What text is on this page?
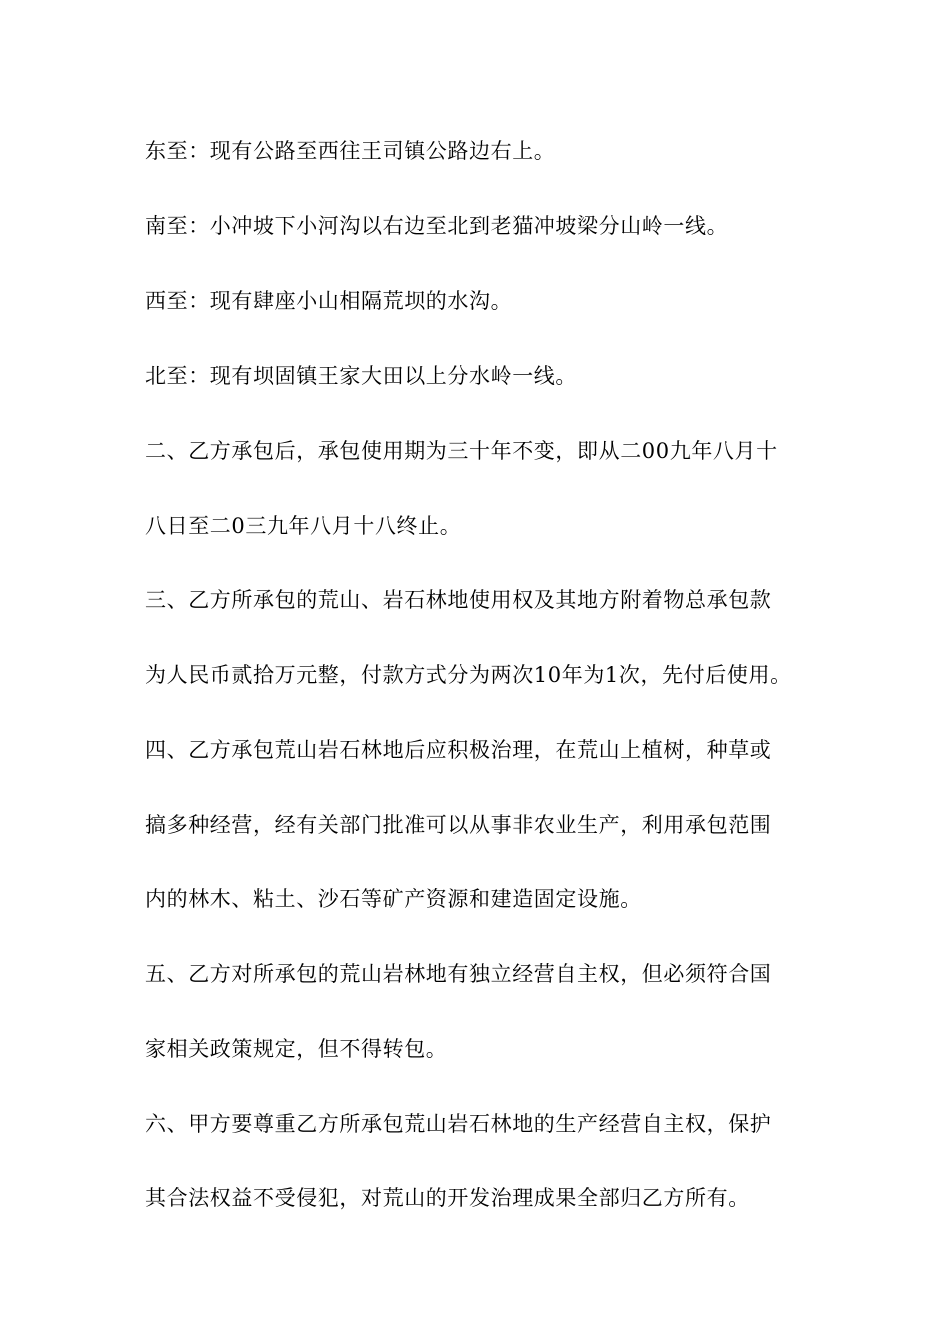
东至：现有公路至西往王司镇公路边右上。
南至：小冲坡下小河沟以右边至北到老猫冲坡梁分山岭一线。
西至：现有肆座小山相隔荒坝的水沟。
北至：现有坝固镇王家大田以上分水岭一线。
二、乙方承包后，承包使用期为三十年不变，即从二00九年八月十
八日至二0三九年八月十八终止。
三、乙方所承包的荒山、岩石林地使用权及其地方附着物总承包款
为人民币贰拾万元整，付款方式分为两次10年为1次，先付后使用。
四、乙方承包荒山岩石林地后应积极治理，在荒山上植树，种草或
搞多种经营，经有关部门批准可以从事非农业生产，利用承包范围
内的林木、粘土、沙石等矿产资源和建造固定设施。
五、乙方对所承包的荒山岩林地有独立经营自主权，但必须符合国
家相关政策规定，但不得转包。
六、甲方要尊重乙方所承包荒山岩石林地的生产经营自主权，保护
其合法权益不受侵犯，对荒山的开发治理成果全部归乙方所有。
